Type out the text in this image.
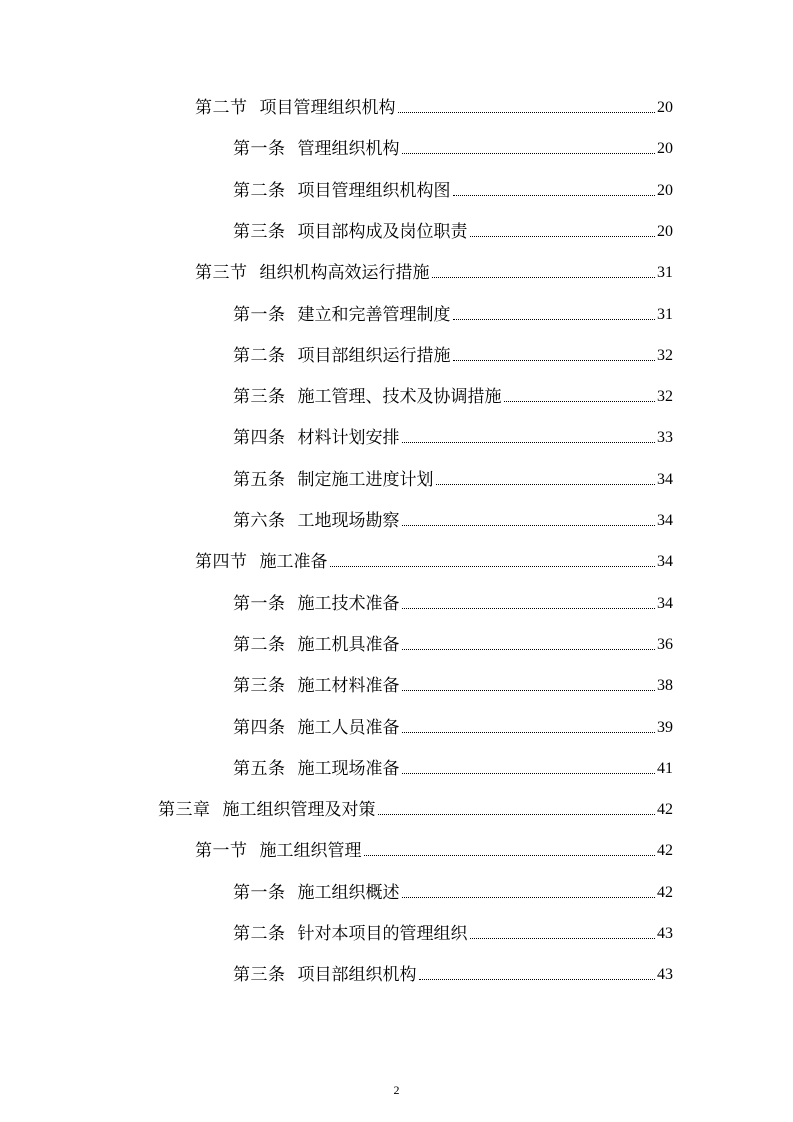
第二节 项目管理组织机构	20
第一条 管理组织机构	20
第二条 项目管理组织机构图	20
第三条 项目部构成及岗位职责	20
第三节 组织机构高效运行措施	31
第一条 建立和完善管理制度	31
第二条 项目部组织运行措施	32
第三条 施工管理、技术及协调措施	32
第四条 材料计划安排	33
第五条 制定施工进度计划	34
第六条 工地现场勘察	34
第四节 施工准备	34
第一条 施工技术准备	34
第二条 施工机具准备	36
第三条 施工材料准备	38
第四条 施工人员准备	39
第五条 施工现场准备	41
第三章 施工组织管理及对策	42
第一节 施工组织管理	42
第一条 施工组织概述	42
第二条 针对本项目的管理组织	43
第三条 项目部组织机构	43
2
